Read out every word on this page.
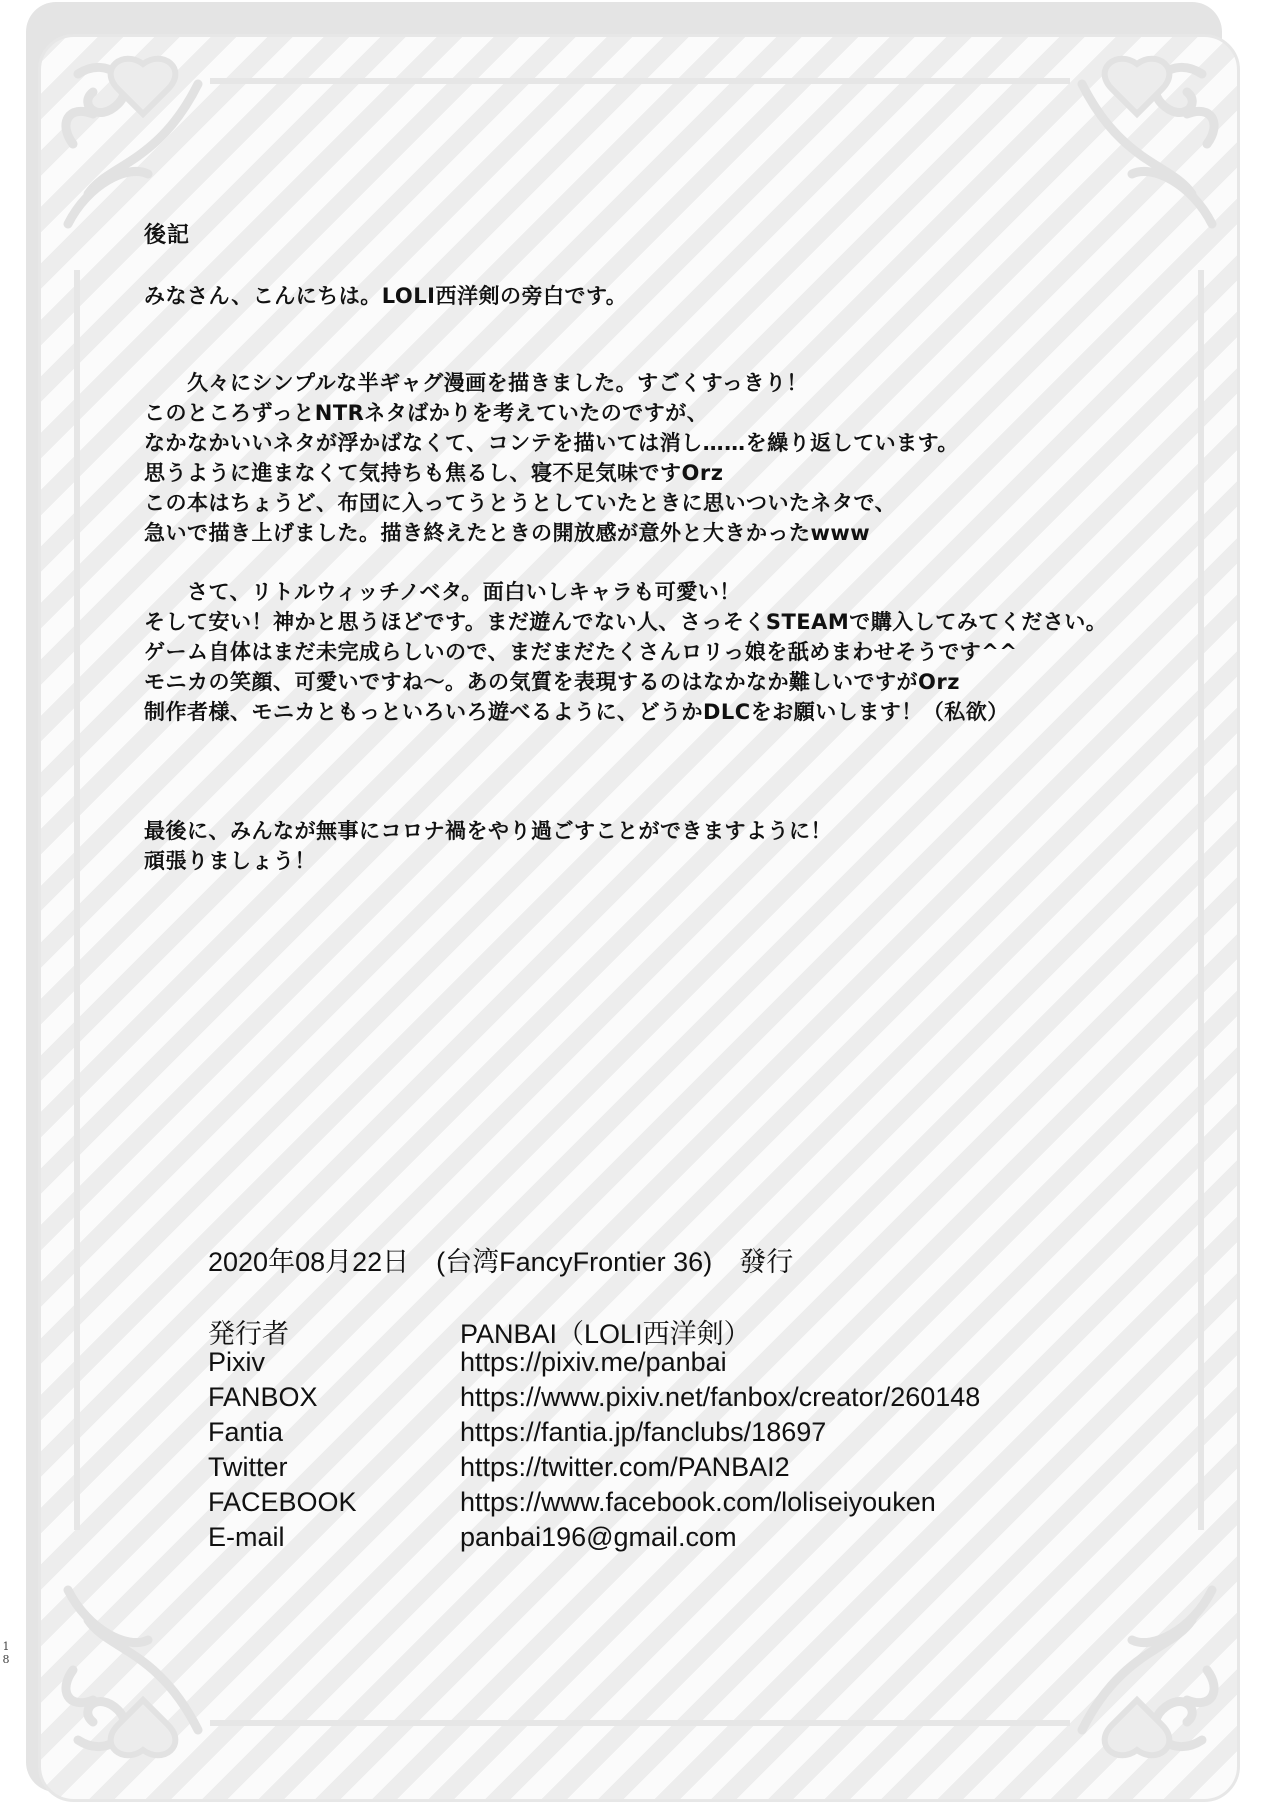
後記
みなさん、こんにちは。LOLI西洋剣の旁白です。
　　久々にシンプルな半ギャグ漫画を描きました。すごくすっきり！
このところずっとNTRネタばかりを考えていたのですが、
なかなかいいネタが浮かばなくて、コンテを描いては消し……を繰り返しています。
思うように進まなくて気持ちも焦るし、寝不足気味ですOrz
この本はちょうど、布団に入ってうとうとしていたときに思いついたネタで、
急いで描き上げました。描き終えたときの開放感が意外と大きかったwww
　　さて、リトルウィッチノベタ。面白いしキャラも可愛い！
そして安い！神かと思うほどです。まだ遊んでない人、さっそくSTEAMで購入してみてください。
ゲーム自体はまだ未完成らしいので、まだまだたくさんロリっ娘を舐めまわせそうです^^
モニカの笑顔、可愛いですね～。あの気質を表現するのはなかなか難しいですがOrz
制作者様、モニカともっといろいろ遊べるように、どうかDLCをお願いします！（私欲）
最後に、みんなが無事にコロナ禍をやり過ごすことができますように！
頑張りましょう！
2020年08月22日　(台湾FancyFrontier 36)　發行
発行者	PANBAI（LOLI西洋剣）
Pixiv	https://pixiv.me/panbai
FANBOX	https://www.pixiv.net/fanbox/creator/260148
Fantia	https://fantia.jp/fanclubs/18697
Twitter	https://twitter.com/PANBAI2
FACEBOOK	https://www.facebook.com/loliseiyouken
E-mail	panbai196@gmail.com
1
8
